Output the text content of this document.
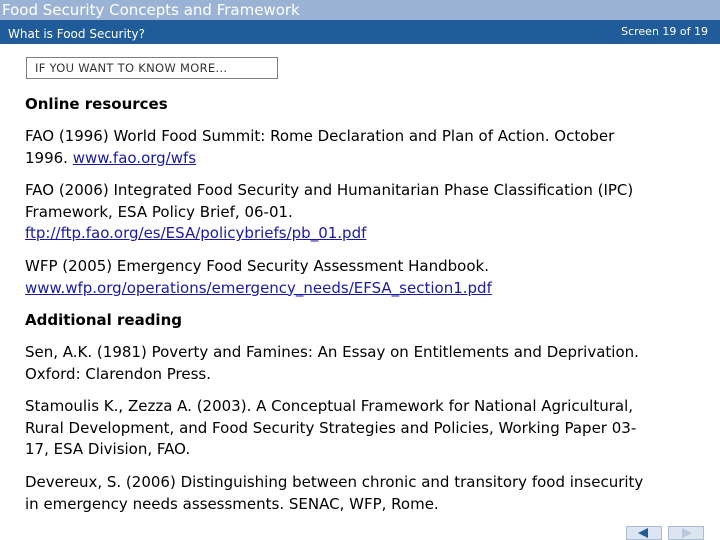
Food Security Concepts and Framework
What is Food Security?	Screen 19 of 19
IF YOU WANT TO KNOW MORE...

Online resources

FAO (1996) World Food Summit: Rome Declaration and Plan of Action. October
1996. www.fao.org/wfs

FAO (2006) Integrated Food Security and Humanitarian Phase Classification (IPC)
Framework, ESA Policy Brief, 06-01.
ftp://ftp.fao.org/es/ESA/policybriefs/pb_01.pdf

WFP (2005) Emergency Food Security Assessment Handbook.
www.wfp.org/operations/emergency_needs/EFSA_section1.pdf

Additional reading

Sen, A.K. (1981) Poverty and Famines: An Essay on Entitlements and Deprivation.
Oxford: Clarendon Press.

Stamoulis K., Zezza A. (2003). A Conceptual Framework for National Agricultural,
Rural Development, and Food Security Strategies and Policies, Working Paper 03-
17, ESA Division, FAO.

Devereux, S. (2006) Distinguishing between chronic and transitory food insecurity
in emergency needs assessments. SENAC, WFP, Rome.
